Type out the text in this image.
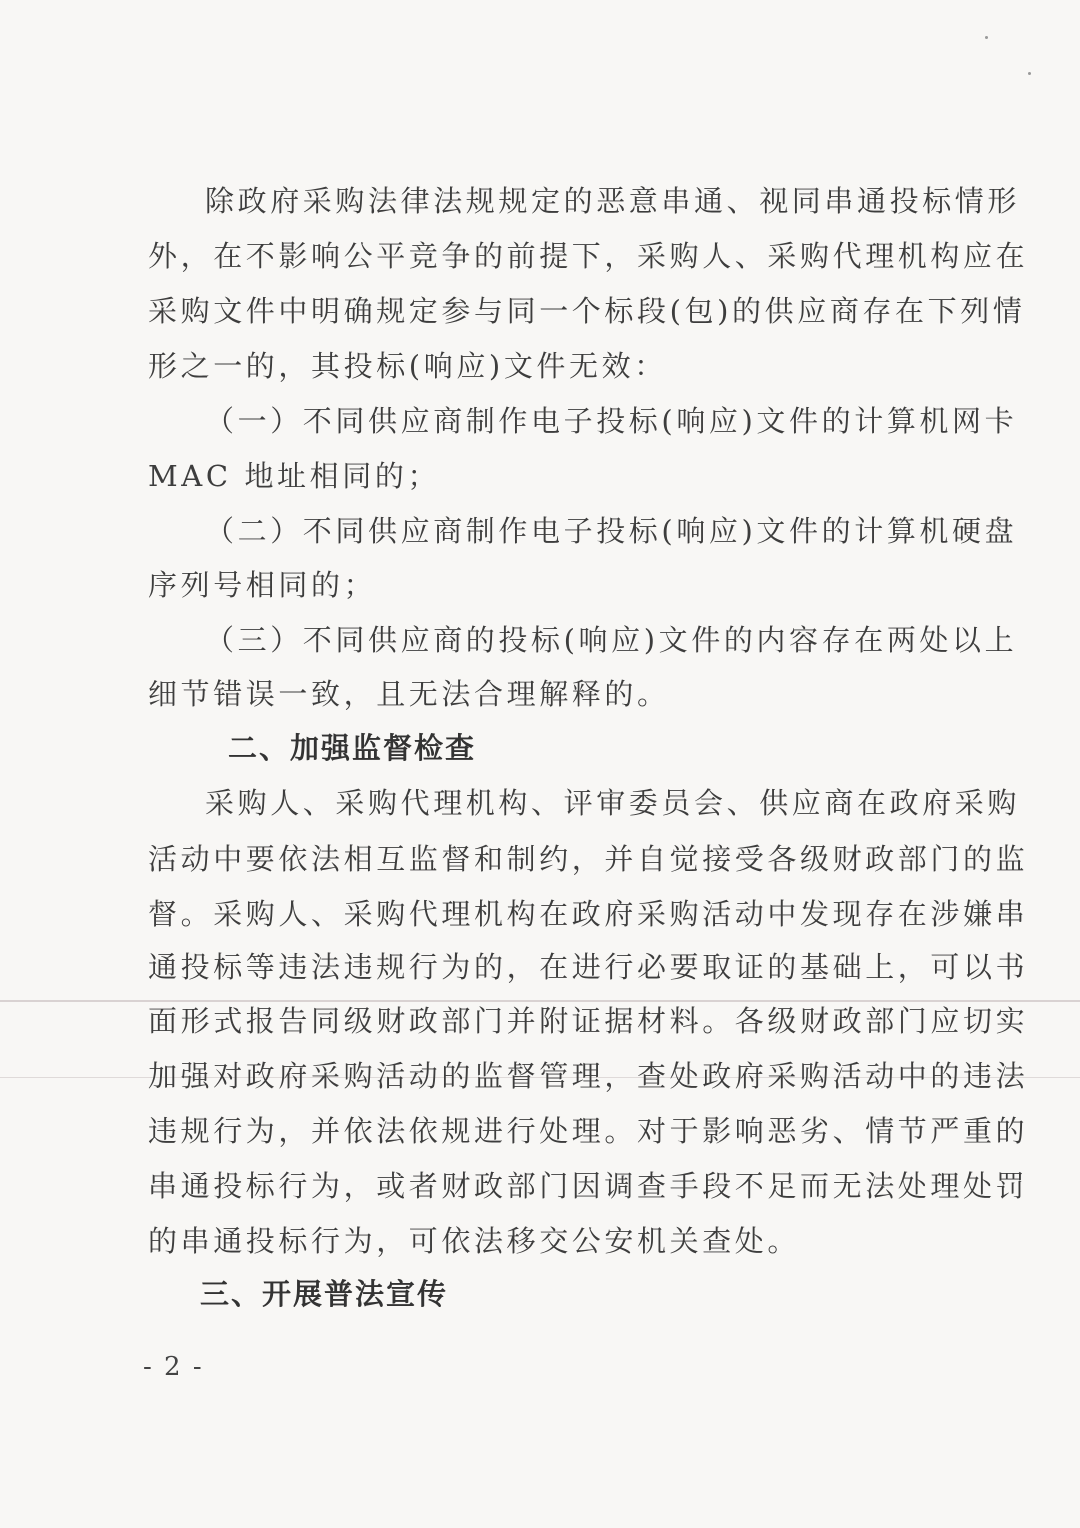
除政府采购法律法规规定的恶意串通、视同串通投标情形
外，在不影响公平竞争的前提下，采购人、采购代理机构应在
采购文件中明确规定参与同一个标段(包)的供应商存在下列情
形之一的，其投标(响应)文件无效：
（一）不同供应商制作电子投标(响应)文件的计算机网卡
MAC 地址相同的；
（二）不同供应商制作电子投标(响应)文件的计算机硬盘
序列号相同的；
（三）不同供应商的投标(响应)文件的内容存在两处以上
细节错误一致，且无法合理解释的。
二、加强监督检查
采购人、采购代理机构、评审委员会、供应商在政府采购
活动中要依法相互监督和制约，并自觉接受各级财政部门的监
督。采购人、采购代理机构在政府采购活动中发现存在涉嫌串
通投标等违法违规行为的，在进行必要取证的基础上，可以书
面形式报告同级财政部门并附证据材料。各级财政部门应切实
加强对政府采购活动的监督管理，查处政府采购活动中的违法
违规行为，并依法依规进行处理。对于影响恶劣、情节严重的
串通投标行为，或者财政部门因调查手段不足而无法处理处罚
的串通投标行为，可依法移交公安机关查处。
三、开展普法宣传
- 2 -
